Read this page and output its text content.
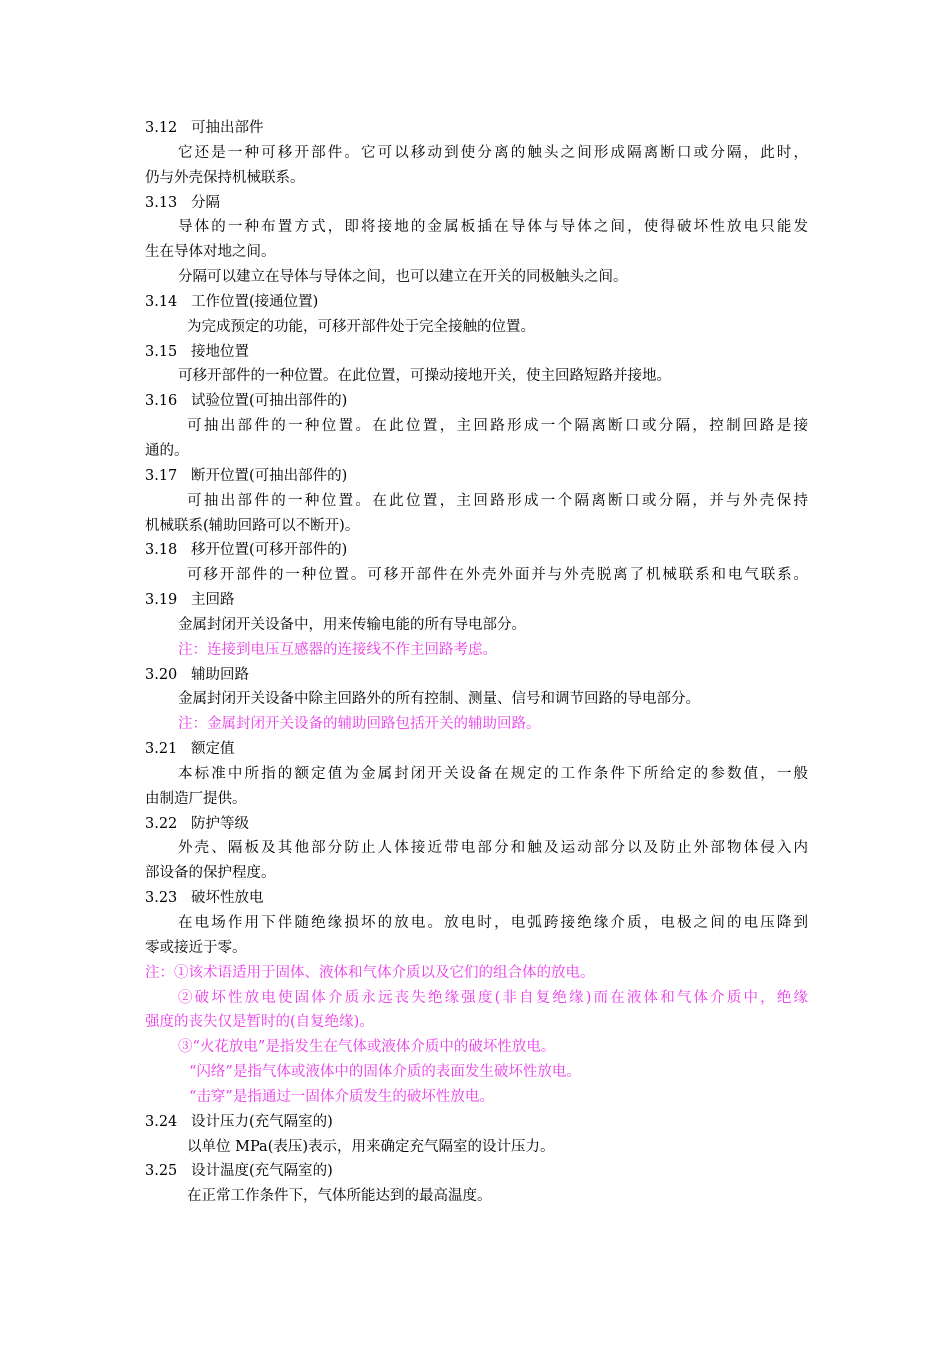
3.12 可抽出部件
它还是一种可移开部件。它可以移动到使分离的触头之间形成隔离断口或分隔，此时，
仍与外壳保持机械联系。
3.13 分隔
导体的一种布置方式，即将接地的金属板插在导体与导体之间，使得破坏性放电只能发
生在导体对地之间。
分隔可以建立在导体与导体之间，也可以建立在开关的同极触头之间。
3.14 工作位置(接通位置)
为完成预定的功能，可移开部件处于完全接触的位置。
3.15 接地位置
可移开部件的一种位置。在此位置，可操动接地开关，使主回路短路并接地。
3.16 试验位置(可抽出部件的)
可抽出部件的一种位置。在此位置，主回路形成一个隔离断口或分隔，控制回路是接
通的。
3.17 断开位置(可抽出部件的)
可抽出部件的一种位置。在此位置，主回路形成一个隔离断口或分隔，并与外壳保持
机械联系(辅助回路可以不断开)。
3.18 移开位置(可移开部件的)
可移开部件的一种位置。可移开部件在外壳外面并与外壳脱离了机械联系和电气联系。
3.19 主回路
金属封闭开关设备中，用来传输电能的所有导电部分。
注：连接到电压互感器的连接线不作主回路考虑。
3.20 辅助回路
金属封闭开关设备中除主回路外的所有控制、测量、信号和调节回路的导电部分。
注：金属封闭开关设备的辅助回路包括开关的辅助回路。
3.21 额定值
本标准中所指的额定值为金属封闭开关设备在规定的工作条件下所给定的参数值，一般
由制造厂提供。
3.22 防护等级
外壳、隔板及其他部分防止人体接近带电部分和触及运动部分以及防止外部物体侵入内
部设备的保护程度。
3.23 破坏性放电
在电场作用下伴随绝缘损坏的放电。放电时，电弧跨接绝缘介质，电极之间的电压降到
零或接近于零。
注：①该术语适用于固体、液体和气体介质以及它们的组合体的放电。
②破坏性放电使固体介质永远丧失绝缘强度(非自复绝缘)而在液体和气体介质中，绝缘
强度的丧失仅是暂时的(自复绝缘)。
③“火花放电”是指发生在气体或液体介质中的破坏性放电。
“闪络”是指气体或液体中的固体介质的表面发生破坏性放电。
“击穿”是指通过一固体介质发生的破坏性放电。
3.24 设计压力(充气隔室的)
以单位 MPa(表压)表示，用来确定充气隔室的设计压力。
3.25 设计温度(充气隔室的)
在正常工作条件下，气体所能达到的最高温度。
